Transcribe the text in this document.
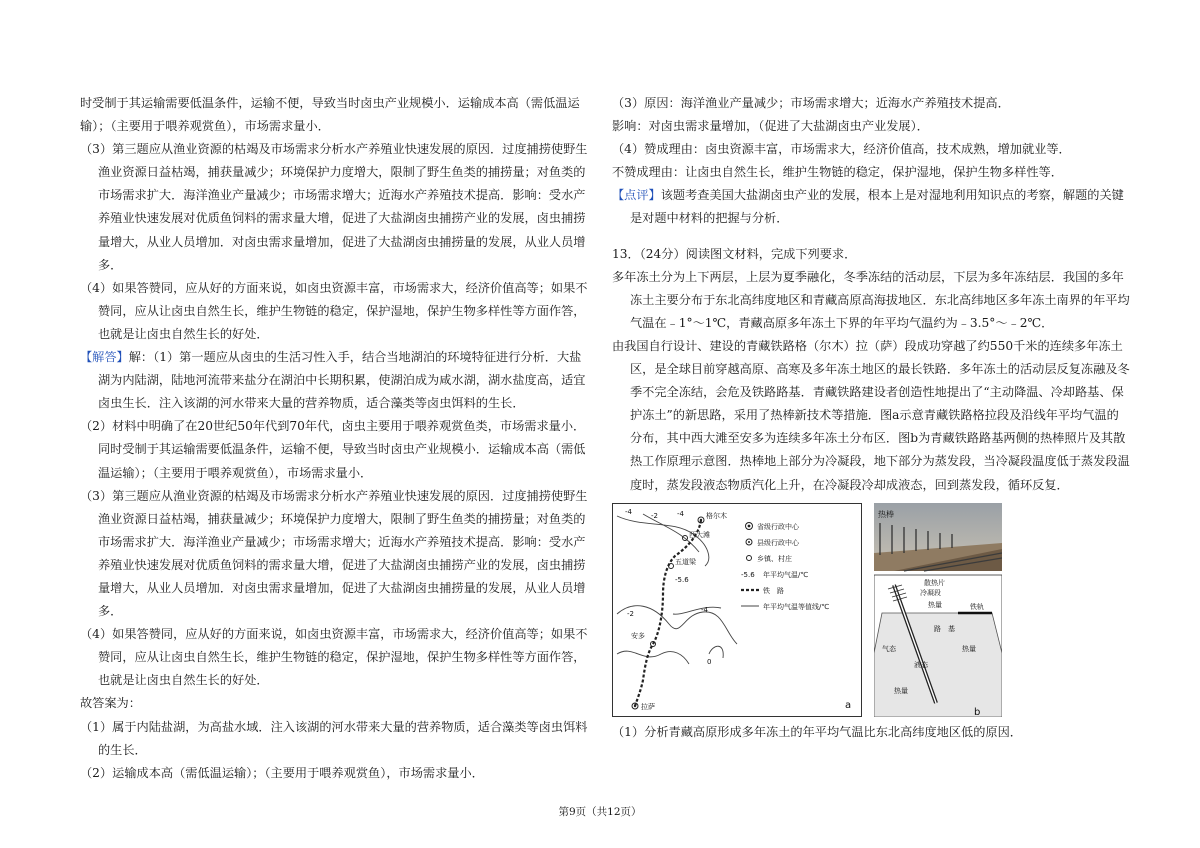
时受制于其运输需要低温条件，运输不便，导致当时卤虫产业规模小．运输成本高（需低温运输）；（主要用于喂养观赏鱼），市场需求量小．

（3）第三题应从渔业资源的枯竭及市场需求分析水产养殖业快速发展的原因．过度捕捞使野生渔业资源日益枯竭，捕获量减少；环境保护力度增大，限制了野生鱼类的捕捞量；对鱼类的市场需求扩大．海洋渔业产量减少；市场需求增大；近海水产养殖技术提高．影响：受水产养殖业快速发展对优质鱼饲料的需求量大增，促进了大盐湖卤虫捕捞产业的发展，卤虫捕捞量增大，从业人员增加．对卤虫需求量增加，促进了大盐湖卤虫捕捞量的发展，从业人员增多．

（4）如果答赞同，应从好的方面来说，如卤虫资源丰富，市场需求大，经济价值高等；如果不赞同，应从让卤虫自然生长，维护生物链的稳定，保护湿地，保护生物多样性等方面作答，也就是让卤虫自然生长的好处．

【解答】解：（1）第一题应从卤虫的生活习性入手，结合当地湖泊的环境特征进行分析．大盐湖为内陆湖，陆地河流带来盐分在湖泊中长期积累，使湖泊成为咸水湖，湖水盐度高，适宜卤虫生长．注入该湖的河水带来大量的营养物质，适合藻类等卤虫饵料的生长．

（2）材料中明确了在20世纪50年代到70年代，卤虫主要用于喂养观赏鱼类，市场需求量小．同时受制于其运输需要低温条件，运输不便，导致当时卤虫产业规模小．运输成本高（需低温运输）；（主要用于喂养观赏鱼），市场需求量小．

（3）第三题应从渔业资源的枯竭及市场需求分析水产养殖业快速发展的原因．过度捕捞使野生渔业资源日益枯竭，捕获量减少；环境保护力度增大，限制了野生鱼类的捕捞量；对鱼类的市场需求扩大．海洋渔业产量减少；市场需求增大；近海水产养殖技术提高．影响：受水产养殖业快速发展对优质鱼饲料的需求量大增，促进了大盐湖卤虫捕捞产业的发展，卤虫捕捞量增大，从业人员增加．对卤虫需求量增加，促进了大盐湖卤虫捕捞量的发展，从业人员增多．

（4）如果答赞同，应从好的方面来说，如卤虫资源丰富，市场需求大，经济价值高等；如果不赞同，应从让卤虫自然生长，维护生物链的稳定，保护湿地，保护生物多样性等方面作答，也就是让卤虫自然生长的好处．

故答案为：

（1）属于内陆盐湖，为高盐水域．注入该湖的河水带来大量的营养物质，适合藻类等卤虫饵料的生长．

（2）运输成本高（需低温运输）；（主要用于喂养观赏鱼），市场需求量小．

（3）原因：海洋渔业产量减少；市场需求增大；近海水产养殖技术提高．

影响：对卤虫需求量增加，（促进了大盐湖卤虫产业发展）．

（4）赞成理由：卤虫资源丰富，市场需求大，经济价值高，技术成熟，增加就业等．

不赞成理由：让卤虫自然生长，维护生物链的稳定，保护湿地，保护生物多样性等．

【点评】该题考查美国大盐湖卤虫产业的发展，根本上是对湿地利用知识点的考察，解题的关键是对题中材料的把握与分析．

13．（24分）阅读图文材料，完成下列要求．

多年冻土分为上下两层，上层为夏季融化，冬季冻结的活动层，下层为多年冻结层．我国的多年冻土主要分布于东北高纬度地区和青藏高原高海拔地区．东北高纬地区多年冻土南界的年平均气温在﹣1°～1℃，青藏高原多年冻土下界的年平均气温约为﹣3.5°～﹣2℃．

由我国自行设计、建设的青藏铁路格（尔木）拉（萨）段成功穿越了约550千米的连续多年冻土区，是全球目前穿越高原、高寒及多年冻土地区的最长铁路．多年冻土的活动层反复冻融及冬季不完全冻结，会危及铁路路基．青藏铁路建设者创造性地提出了“主动降温、冷却路基、保护冻土”的新思路，采用了热棒新技术等措施．图a示意青藏铁路格拉段及沿线年平均气温的分布，其中西大滩至安多为连续多年冻土分布区．图b为青藏铁路路基两侧的热棒照片及其散热工作原理示意图．热棒地上部分为冷凝段，地下部分为蒸发段，当冷凝段温度低于蒸发段温度时，蒸发段液态物质汽化上升，在冷凝段冷却成液态，回到蒸发段，循环反复．

格尔木
西大滩
五道梁
安多
拉萨
-4	-2	-4
-5.6
-4
-2
0
省级行政中心
县级行政中心
乡镇、村庄
年平均气温/℃
铁　路
年平均气温等值线/℃
-5.6
a
b
热棒
散热片
冷凝段
热量	铁轨
路　基
气态
液态
热量
热量

（1）分析青藏高原形成多年冻土的年平均气温比东北高纬度地区低的原因．

第9页（共12页）
